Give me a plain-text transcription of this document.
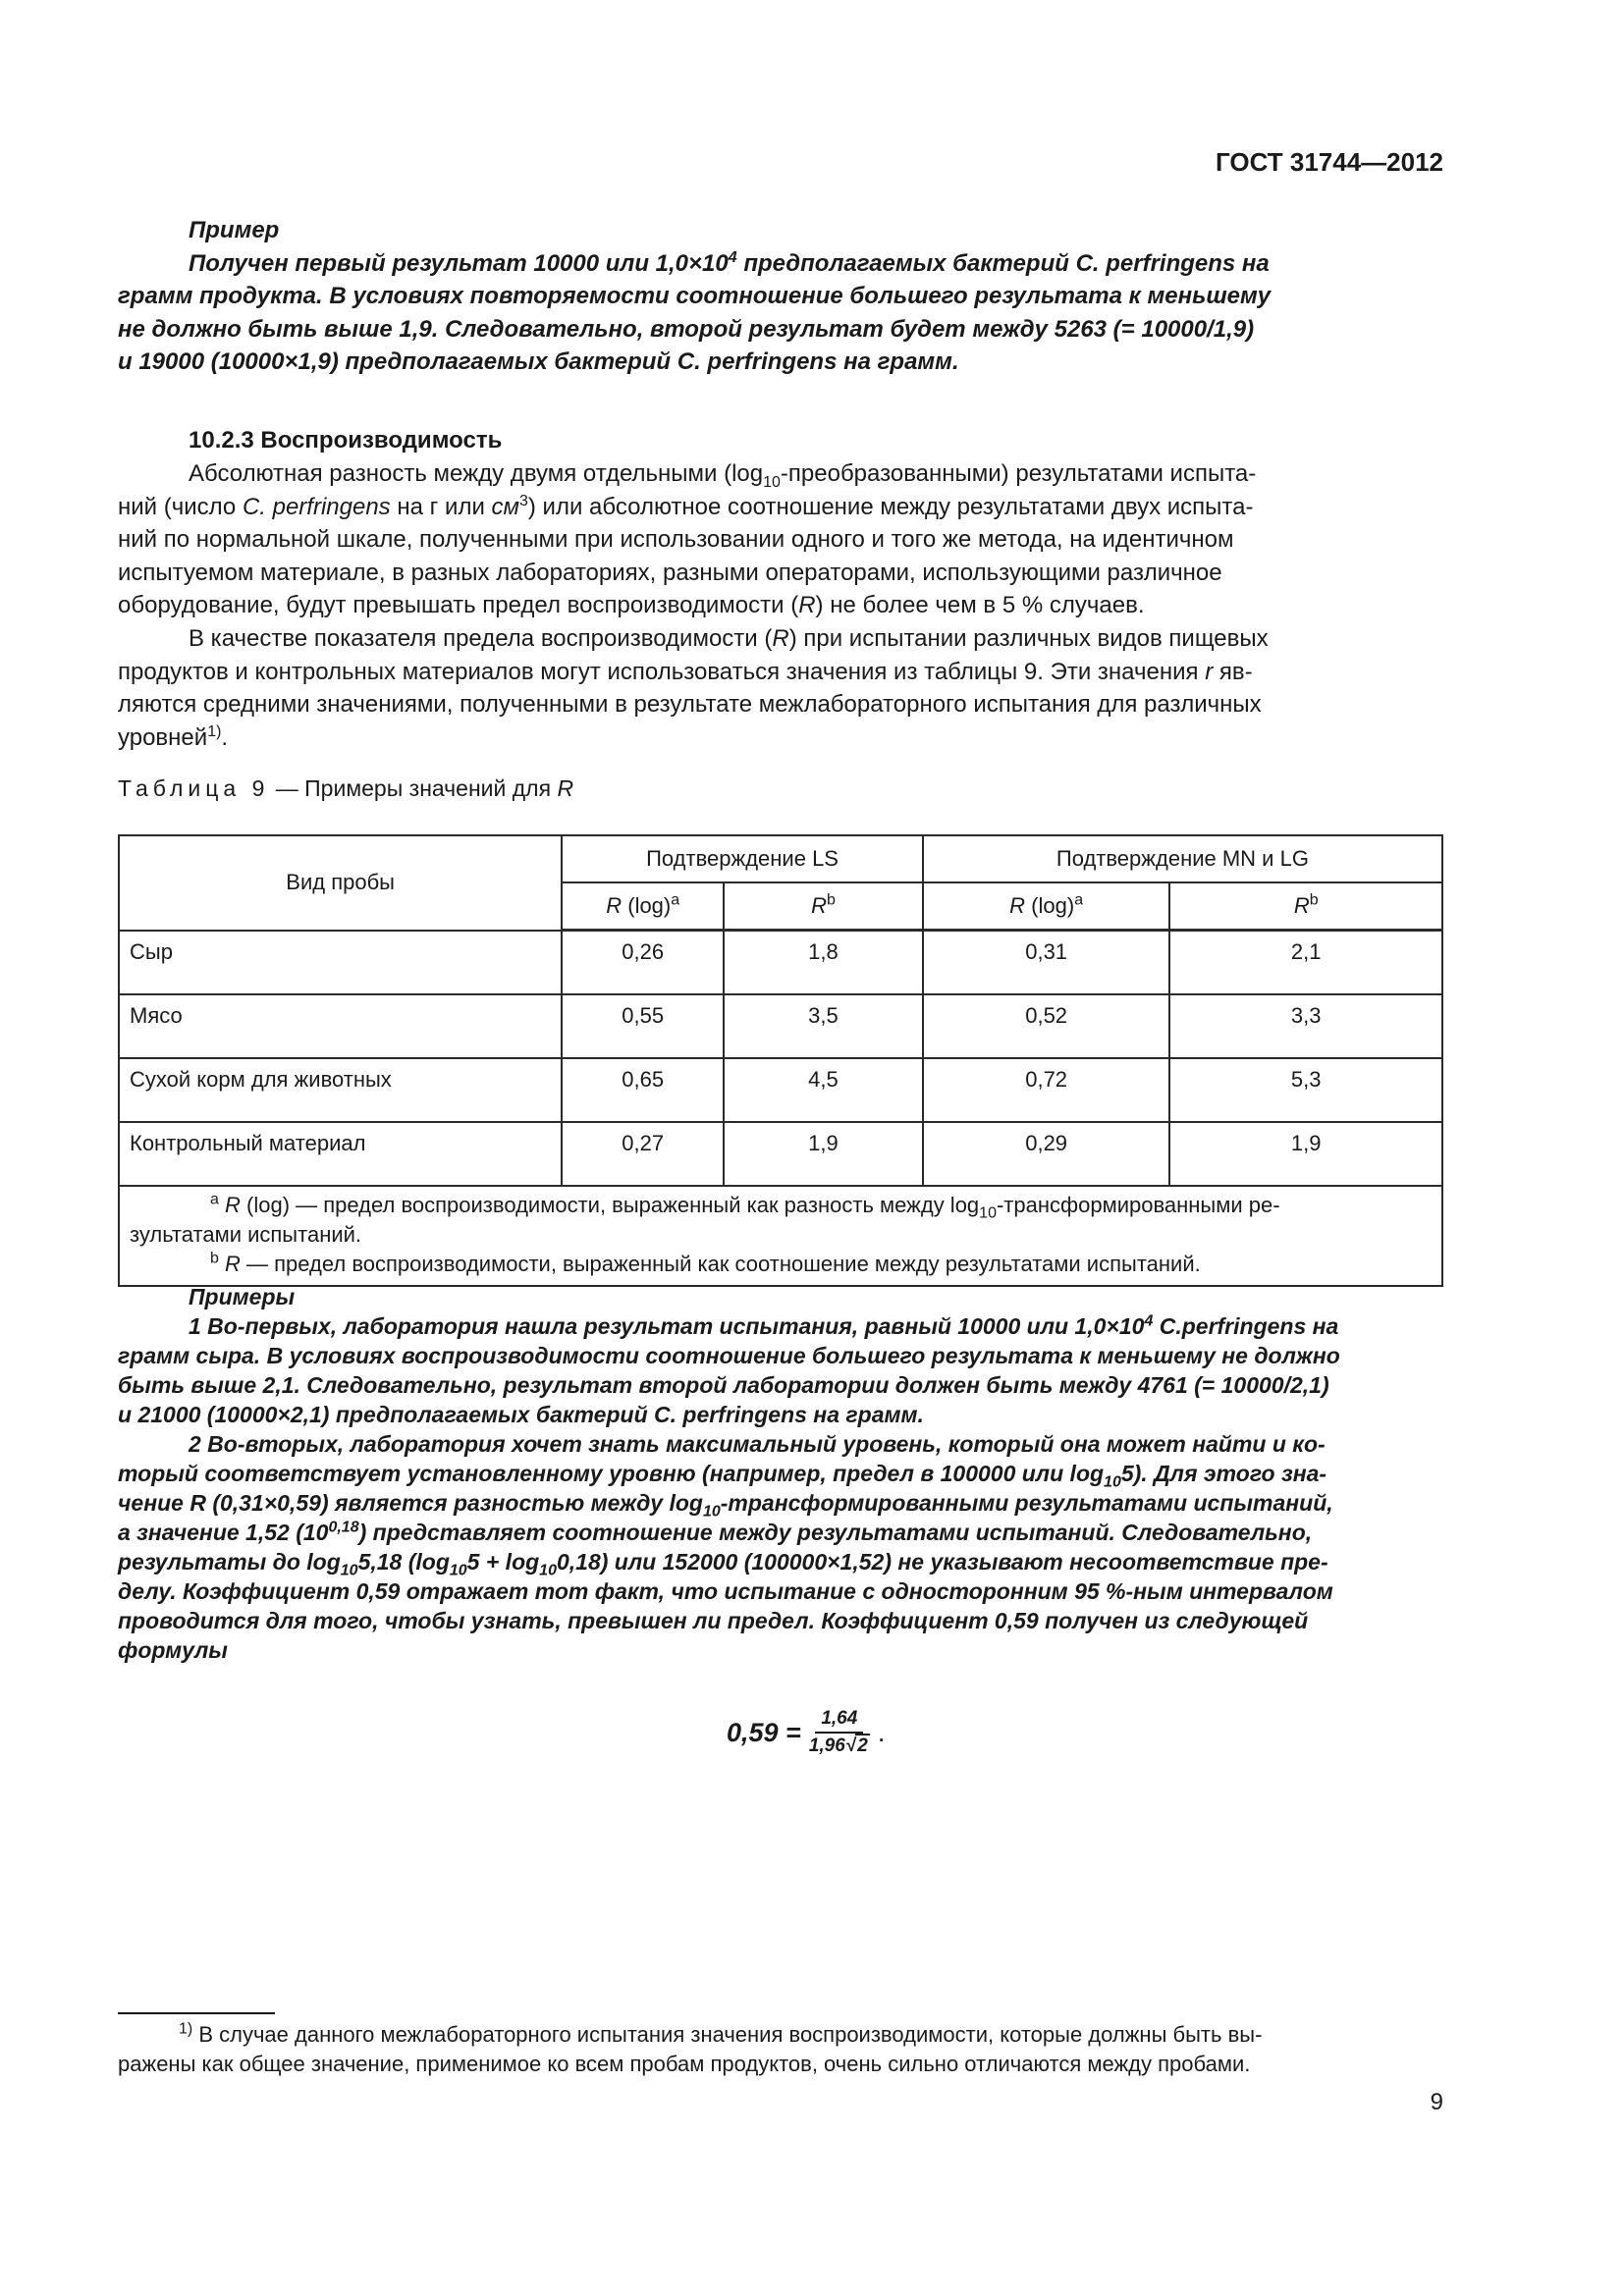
ГОСТ 31744—2012
Пример
Получен первый результат 10000 или $1,0\times 10^4$ предполагаемых бактерий C. perfringens на
грамм продукта. В условиях повторяемости соотношение большего результата к меньшему
не должно быть выше 1,9. Следовательно, второй результат будет между 5263 (= 10000/1,9)
и 19000 (10000×1,9) предполагаемых бактерий C. perfringens на грамм.
10.2.3 Воспроизводимость
Абсолютная разность между двумя отдельными $(\log_{10}-преобразованными)$ результатами испыта-
ний (число C. perfringens на г или $см^3$) или абсолютное соотношение между результатами двух испыта-
ний по нормальной шкале, полученными при использовании одного и того же метода, на идентичном
испытуемом материале, в разных лабораториях, разными операторами, использующими различное
оборудование, будут превышать предел воспроизводимости (R) не более чем в 5 % случаев.
В качестве показателя предела воспроизводимости (R) при испытании различных видов пищевых
продуктов и контрольных материалов могут использоваться значения из таблицы 9. Эти значения r яв-
ляются средними значениями, полученными в результате межлабораторного испытания для различных
уровней$^{1)}$.
Таблица 9 — Примеры значений для R
Вид пробы	Подтверждение LS		Подтверждение MN и LG	
	R $(\log)^a$	$R^b$	R $(\log)^a$	$R^b$
Сыр	0,26	1,8	0,31	2,1
Мясо	0,55	3,5	0,52	3,3
Сухой корм для животных	0,65	4,5	0,72	5,3
Контрольный материал	0,27	1,9	0,29	1,9

$^a$ R (log) — предел воспроизводимости, выраженный как разность между $\log_{10}$-трансформированными ре-
зультатами испытаний.
$^b$ R — предел воспроизводимости, выраженный как соотношение между результатами испытаний.				
Примеры
1 Во-первых, лаборатория нашла результат испытания, равный 10000 или $1,0\times 10^4$ C.perfringens на
грамм сыра. В условиях воспроизводимости соотношение большего результата к меньшему не должно
быть выше 2,1. Следовательно, результат второй лаборатории должен быть между 4761 (= 10000/2,1)
и 21000 (10000×2,1) предполагаемых бактерий C. perfringens на грамм.
2 Во-вторых, лаборатория хочет знать максимальный уровень, который она может найти и ко-
торый соответствует установленному уровню (например, предел в 100000 или $\log_{10}5$). Для этого зна-
чение R (0,31×0,59) является разностью между $\log_{10}$-трансформированными результатами испытаний,
а значение 1,52 (10$^{0,18}$) представляет соотношение между результатами испытаний. Следовательно,
результаты до $\log_{10}5,18$ $(\log_{10}5 + \log_{10}0,18)$ или 152000 (100000×1,52) не указывают несоответствие пре-
делу. Коэффициент 0,59 отражает тот факт, что испытание с односторонним 95 %-ным интервалом
проводится для того, чтобы узнать, превышен ли предел. Коэффициент 0,59 получен из следующей
формулы
$0,59 = \frac{1,64}{1,96√ 2}$ .
$^{1)}$ В случае данного межлабораторного испытания значения воспроизводимости, которые должны быть вы-
ражены как общее значение, применимое ко всем пробам продуктов, очень сильно отличаются между пробами.
9
